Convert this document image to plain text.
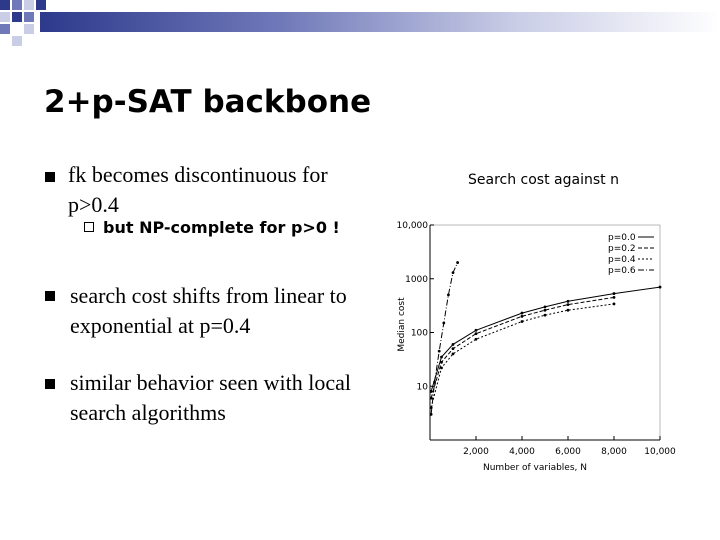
2+p-SAT backbone
fk becomes discontinuous for p>0.4
but NP-complete for p>0 !
search cost shifts from linear to exponential at p=0.4
similar behavior seen with local search algorithms
Search cost against n
2,000 4,000 6,000 8,000 10,000
10,000
1000
100
10
Number of variables, N
Median cost
p=0.0
p=0.2
p=0.4
p=0.6
